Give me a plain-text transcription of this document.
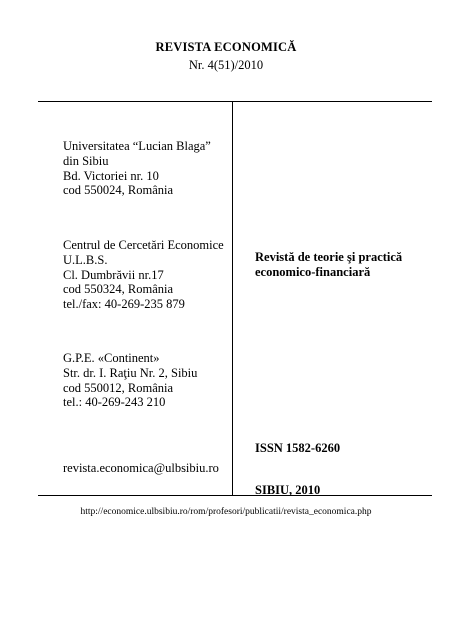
REVISTA ECONOMICĂ
Nr. 4(51)/2010
Universitatea “Lucian Blaga”
din Sibiu
Bd. Victoriei nr. 10
cod 550024, România
Centrul de Cercetări Economice
U.L.B.S.
Cl. Dumbrăvii nr.17
cod 550324, România
tel./fax: 40-269-235 879
G.P.E. «Continent»
Str. dr. I. Raţiu Nr. 2, Sibiu
cod 550012, România
tel.: 40-269-243 210
revista.economica@ulbsibiu.ro
Revistă de teorie şi practică
economico-financiară
ISSN 1582-6260
SIBIU, 2010
http://economice.ulbsibiu.ro/rom/profesori/publicatii/revista_economica.php
